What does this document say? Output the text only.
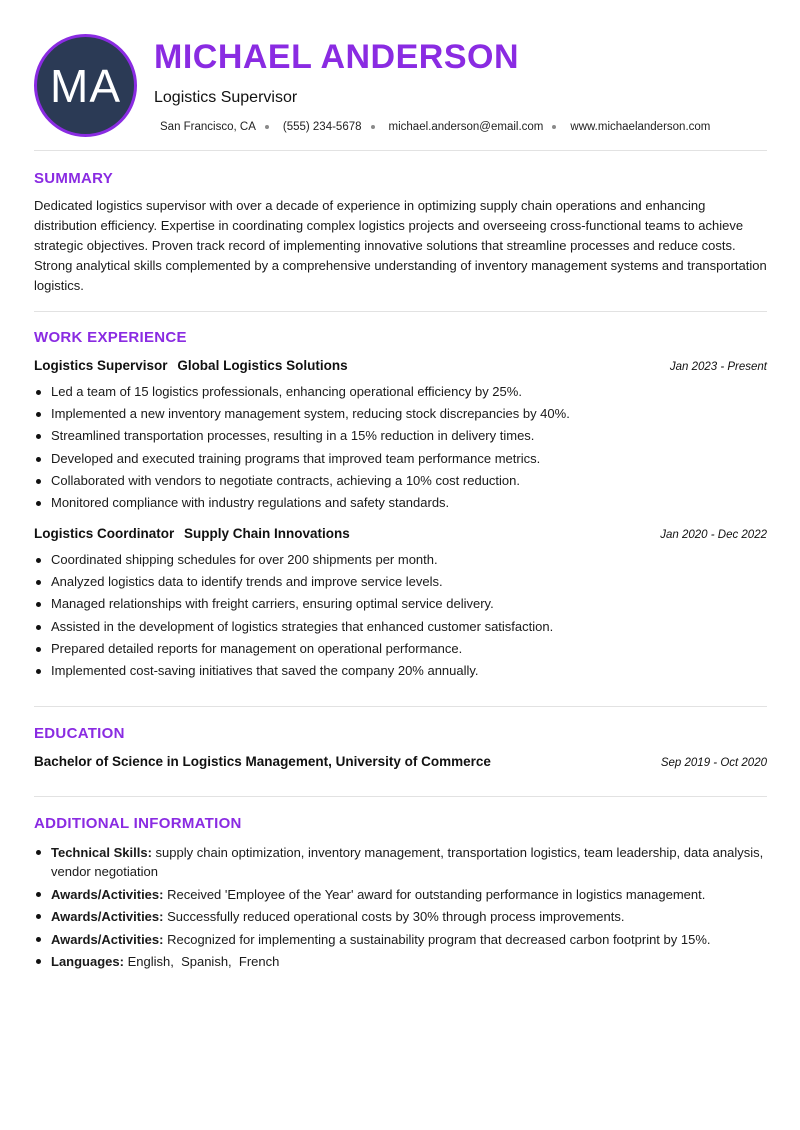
MA
MICHAEL ANDERSON
Logistics Supervisor
San Francisco, CA (555) 234-5678 michael.anderson@email.com www.michaelanderson.com
SUMMARY

Dedicated logistics supervisor with over a decade of experience in optimizing supply chain operations and enhancing distribution efficiency. Expertise in coordinating complex logistics projects and overseeing cross-functional teams to achieve strategic objectives. Proven track record of implementing innovative solutions that streamline processes and reduce costs. Strong analytical skills complemented by a comprehensive understanding of inventory management systems and transportation logistics.

WORK EXPERIENCE
Logistics Supervisor Global Logistics Solutions	Jan 2023 - Present
Led a team of 15 logistics professionals, enhancing operational efficiency by 25%.
Implemented a new inventory management system, reducing stock discrepancies by 40%.
Streamlined transportation processes, resulting in a 15% reduction in delivery times.
Developed and executed training programs that improved team performance metrics.
Collaborated with vendors to negotiate contracts, achieving a 10% cost reduction.
Monitored compliance with industry regulations and safety standards.
Logistics Coordinator Supply Chain Innovations	Jan 2020 - Dec 2022
Coordinated shipping schedules for over 200 shipments per month.
Analyzed logistics data to identify trends and improve service levels.
Managed relationships with freight carriers, ensuring optimal service delivery.
Assisted in the development of logistics strategies that enhanced customer satisfaction.
Prepared detailed reports for management on operational performance.
Implemented cost-saving initiatives that saved the company 20% annually.
EDUCATION
Bachelor of Science in Logistics Management, University of Commerce	Sep 2019 - Oct 2020
ADDITIONAL INFORMATION
Technical Skills: supply chain optimization, inventory management, transportation logistics, team leadership, data analysis, vendor negotiation
Awards/Activities: Received 'Employee of the Year' award for outstanding performance in logistics management.
Awards/Activities: Successfully reduced operational costs by 30% through process improvements.
Awards/Activities: Recognized for implementing a sustainability program that decreased carbon footprint by 15%.
Languages: English,  Spanish,  French
